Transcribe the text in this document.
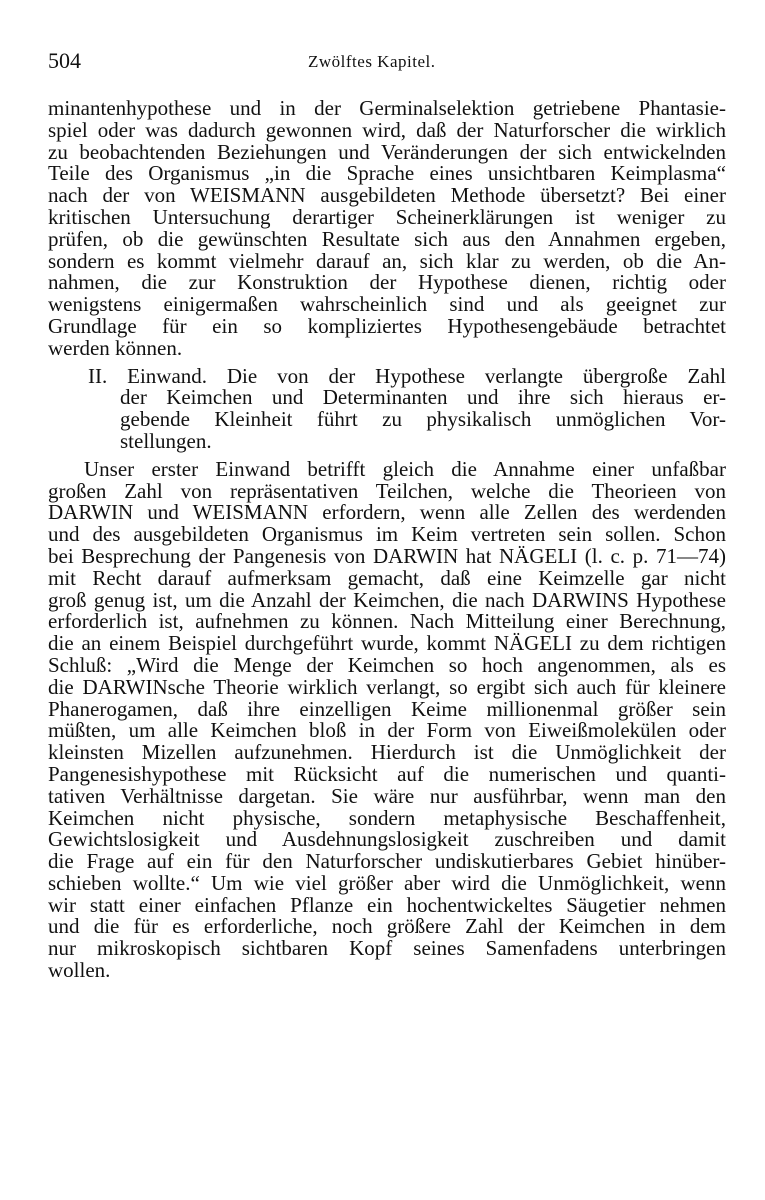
504	Zwölftes Kapitel.
minantenhypothese und in der Germinalselektion getriebene Phantasie-
spiel oder was dadurch gewonnen wird, daß der Naturforscher die wirklich
zu beobachtenden Beziehungen und Veränderungen der sich entwickelnden
Teile des Organismus „in die Sprache eines unsichtbaren Keimplasma“
nach der von WEISMANN ausgebildeten Methode übersetzt? Bei einer
kritischen Untersuchung derartiger Scheinerklärungen ist weniger zu
prüfen, ob die gewünschten Resultate sich aus den Annahmen ergeben,
sondern es kommt vielmehr darauf an, sich klar zu werden, ob die An-
nahmen, die zur Konstruktion der Hypothese dienen, richtig oder
wenigstens einigermaßen wahrscheinlich sind und als geeignet zur
Grundlage für ein so kompliziertes Hypothesengebäude betrachtet
werden können.
II. Einwand. Die von der Hypothese verlangte übergroße Zahl
der Keimchen und Determinanten und ihre sich hieraus er-
gebende Kleinheit führt zu physikalisch unmöglichen Vor-
stellungen.
Unser erster Einwand betrifft gleich die Annahme einer unfaßbar
großen Zahl von repräsentativen Teilchen, welche die Theorieen von
DARWIN und WEISMANN erfordern, wenn alle Zellen des werdenden
und des ausgebildeten Organismus im Keim vertreten sein sollen. Schon
bei Besprechung der Pangenesis von DARWIN hat NÄGELI (l. c. p. 71—74)
mit Recht darauf aufmerksam gemacht, daß eine Keimzelle gar nicht
groß genug ist, um die Anzahl der Keimchen, die nach DARWINS Hypothese
erforderlich ist, aufnehmen zu können. Nach Mitteilung einer Berechnung,
die an einem Beispiel durchgeführt wurde, kommt NÄGELI zu dem richtigen
Schluß: „Wird die Menge der Keimchen so hoch angenommen, als es
die DARWINsche Theorie wirklich verlangt, so ergibt sich auch für kleinere
Phanerogamen, daß ihre einzelligen Keime millionenmal größer sein
müßten, um alle Keimchen bloß in der Form von Eiweißmolekülen oder
kleinsten Mizellen aufzunehmen. Hierdurch ist die Unmöglichkeit der
Pangenesishypothese mit Rücksicht auf die numerischen und quanti-
tativen Verhältnisse dargetan. Sie wäre nur ausführbar, wenn man den
Keimchen nicht physische, sondern metaphysische Beschaffenheit,
Gewichtslosigkeit und Ausdehnungslosigkeit zuschreiben und damit
die Frage auf ein für den Naturforscher undiskutierbares Gebiet hinüber-
schieben wollte.“ Um wie viel größer aber wird die Unmöglichkeit, wenn
wir statt einer einfachen Pflanze ein hochentwickeltes Säugetier nehmen
und die für es erforderliche, noch größere Zahl der Keimchen in dem
nur mikroskopisch sichtbaren Kopf seines Samenfadens unterbringen
wollen.
